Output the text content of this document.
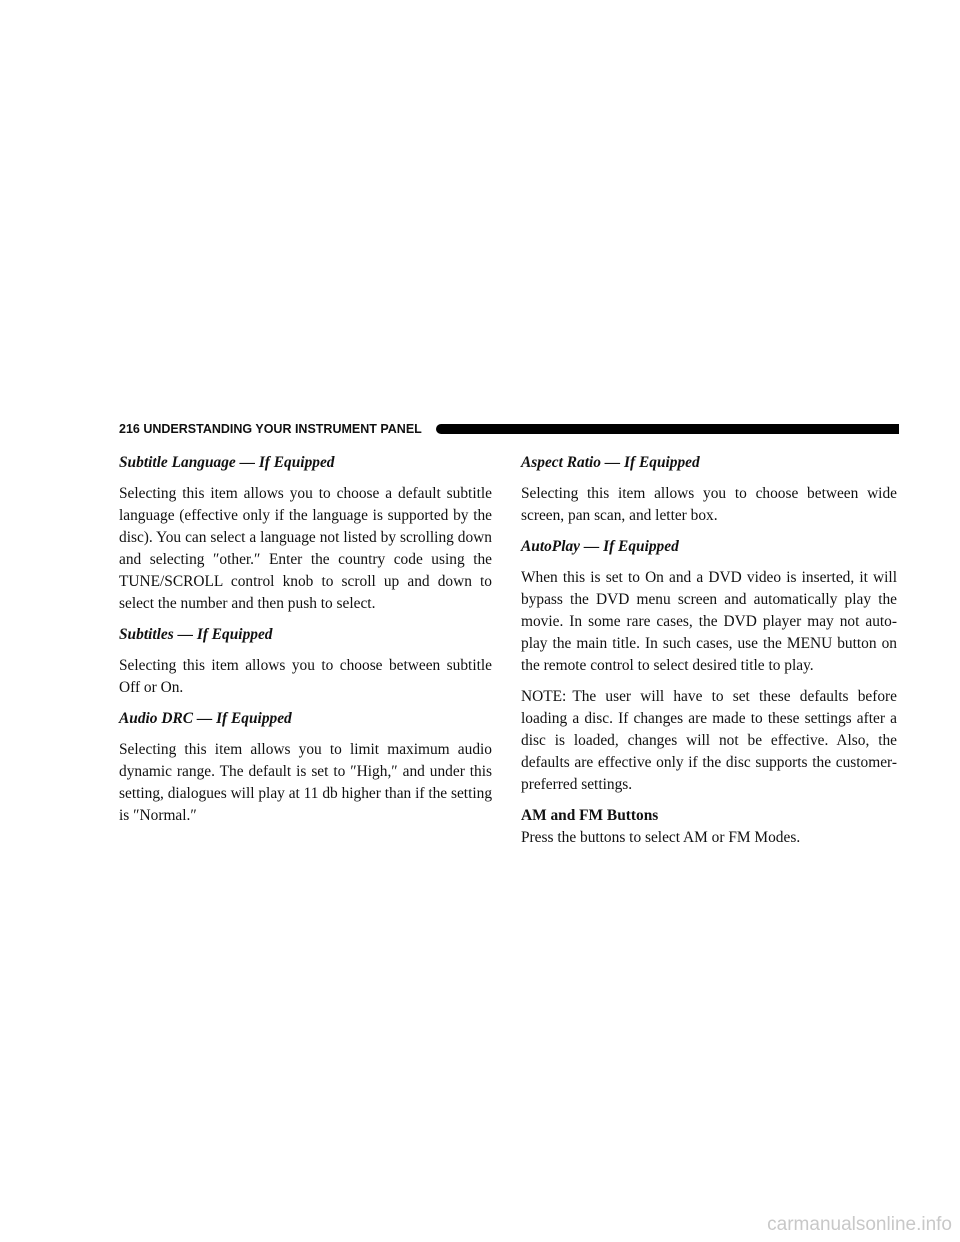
216 UNDERSTANDING YOUR INSTRUMENT PANEL
Subtitle Language — If Equipped

Selecting this item allows you to choose a default subtitle language (effective only if the language is supported by the disc). You can select a language not listed by scrolling down and selecting ″other.″ Enter the country code using the TUNE/SCROLL control knob to scroll up and down to select the number and then push to select.

Subtitles — If Equipped

Selecting this item allows you to choose between subtitle Off or On.

Audio DRC — If Equipped

Selecting this item allows you to limit maximum audio dynamic range. The default is set to ″High,″ and under this setting, dialogues will play at 11 db higher than if the setting is ″Normal.″

Aspect Ratio — If Equipped

Selecting this item allows you to choose between wide screen, pan scan, and letter box.

AutoPlay — If Equipped

When this is set to On and a DVD video is inserted, it will bypass the DVD menu screen and automatically play the movie. In some rare cases, the DVD player may not auto-play the main title. In such cases, use the MENU button on the remote control to select desired title to play.

NOTE: The user will have to set these defaults before loading a disc. If changes are made to these settings after a disc is loaded, changes will not be effective. Also, the defaults are effective only if the disc supports the customer-preferred settings.

AM and FM Buttons

Press the buttons to select AM or FM Modes.

carmanualsonline.info
